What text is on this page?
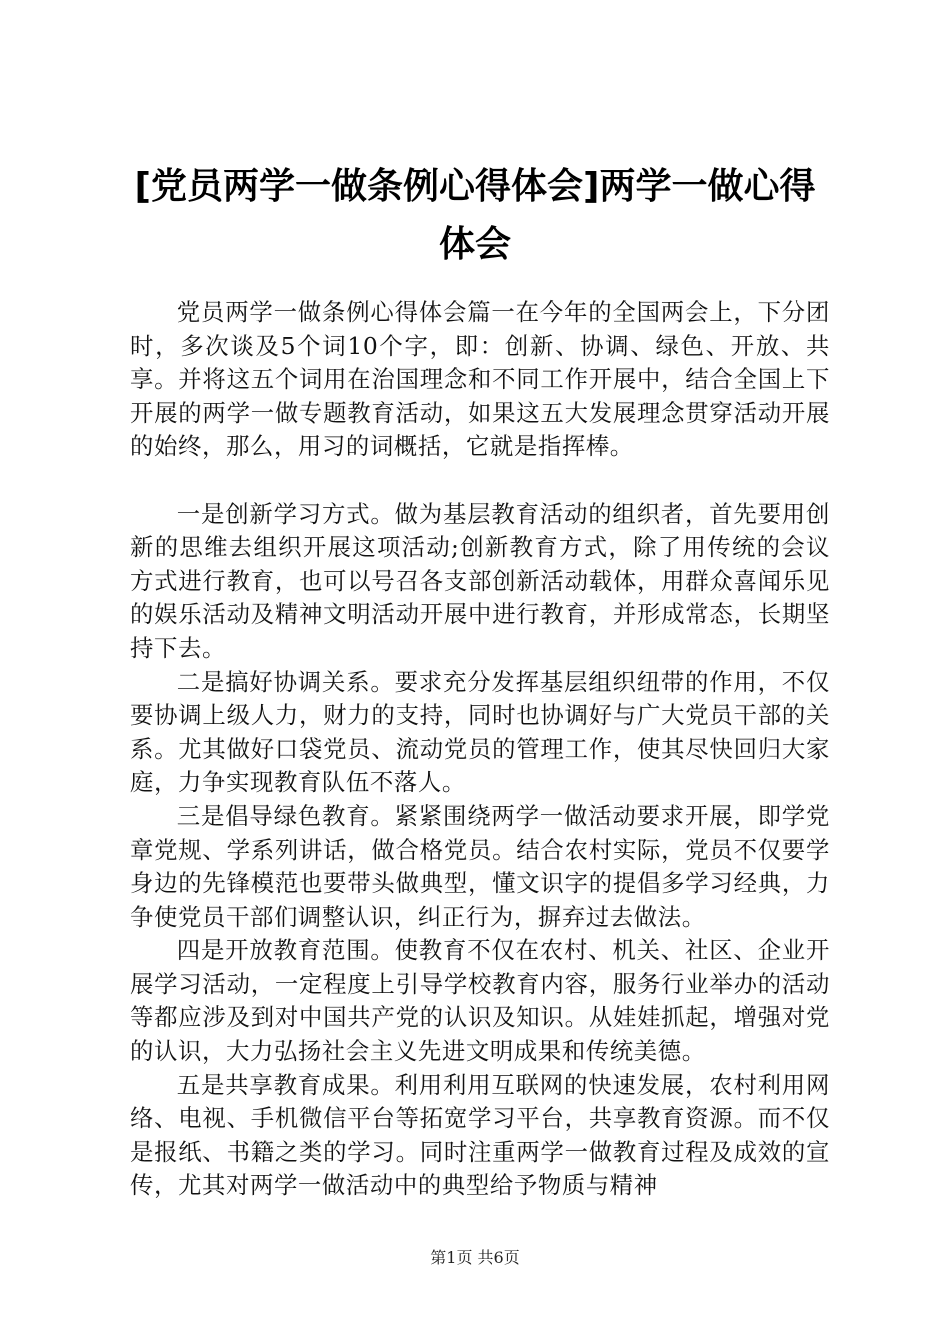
[党员两学一做条例心得体会]两学一做心得体会

党员两学一做条例心得体会篇一在今年的全国两会上，下分团时，多次谈及5个词10个字，即：创新、协调、绿色、开放、共享。并将这五个词用在治国理念和不同工作开展中，结合全国上下开展的两学一做专题教育活动，如果这五大发展理念贯穿活动开展的始终，那么，用习的词概括，它就是指挥棒。

一是创新学习方式。做为基层教育活动的组织者，首先要用创新的思维去组织开展这项活动;创新教育方式，除了用传统的会议方式进行教育，也可以号召各支部创新活动载体，用群众喜闻乐见的娱乐活动及精神文明活动开展中进行教育，并形成常态，长期坚持下去。

二是搞好协调关系。要求充分发挥基层组织纽带的作用，不仅要协调上级人力，财力的支持，同时也协调好与广大党员干部的关系。尤其做好口袋党员、流动党员的管理工作，使其尽快回归大家庭，力争实现教育队伍不落人。

三是倡导绿色教育。紧紧围绕两学一做活动要求开展，即学党章党规、学系列讲话，做合格党员。结合农村实际，党员不仅要学身边的先锋模范也要带头做典型，懂文识字的提倡多学习经典，力争使党员干部们调整认识，纠正行为，摒弃过去做法。

四是开放教育范围。使教育不仅在农村、机关、社区、企业开展学习活动，一定程度上引导学校教育内容，服务行业举办的活动等都应涉及到对中国共产党的认识及知识。从娃娃抓起，增强对党的认识，大力弘扬社会主义先进文明成果和传统美德。

五是共享教育成果。利用利用互联网的快速发展，农村利用网络、电视、手机微信平台等拓宽学习平台，共享教育资源。而不仅是报纸、书籍之类的学习。同时注重两学一做教育过程及成效的宣传，尤其对两学一做活动中的典型给予物质与精神

第1页 共6页
